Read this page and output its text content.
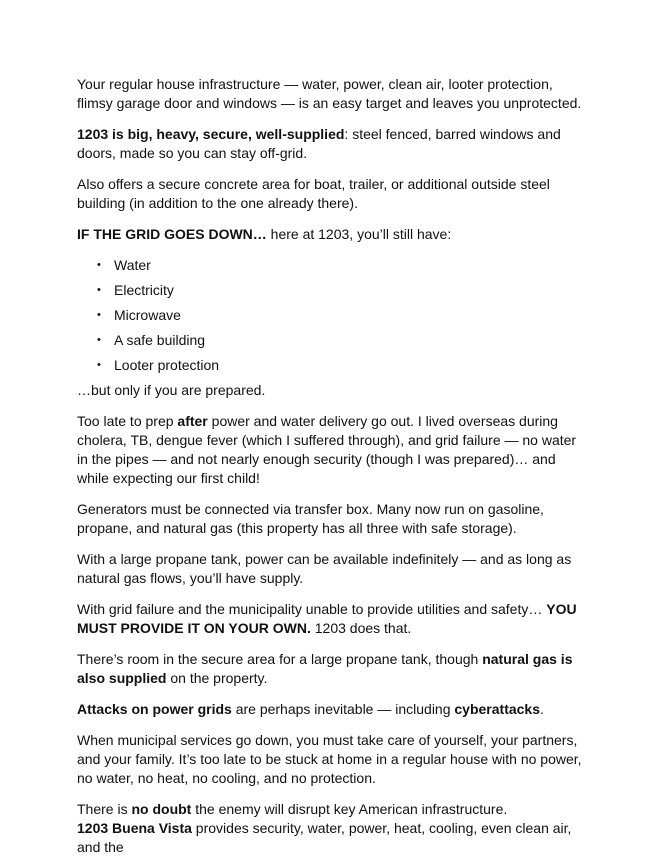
Your regular house infrastructure — water, power, clean air, looter protection, flimsy garage door and windows — is an easy target and leaves you unprotected.

1203 is big, heavy, secure, well-supplied: steel fenced, barred windows and doors, made so you can stay off-grid.

Also offers a secure concrete area for boat, trailer, or additional outside steel building (in addition to the one already there).

IF THE GRID GOES DOWN… here at 1203, you’ll still have:

• Water
• Electricity
• Microwave
• A safe building
• Looter protection

…but only if you are prepared.

Too late to prep after power and water delivery go out. I lived overseas during cholera, TB, dengue fever (which I suffered through), and grid failure — no water in the pipes — and not nearly enough security (though I was prepared)… and while expecting our first child!

Generators must be connected via transfer box. Many now run on gasoline, propane, and natural gas (this property has all three with safe storage).

With a large propane tank, power can be available indefinitely — and as long as natural gas flows, you’ll have supply.

With grid failure and the municipality unable to provide utilities and safety… YOU MUST PROVIDE IT ON YOUR OWN. 1203 does that.

There’s room in the secure area for a large propane tank, though natural gas is also supplied on the property.

Attacks on power grids are perhaps inevitable — including cyberattacks.

When municipal services go down, you must take care of yourself, your partners, and your family. It’s too late to be stuck at home in a regular house with no power, no water, no heat, no cooling, and no protection.

There is no doubt the enemy will disrupt key American infrastructure.

1203 Buena Vista provides security, water, power, heat, cooling, even clean air, and the
